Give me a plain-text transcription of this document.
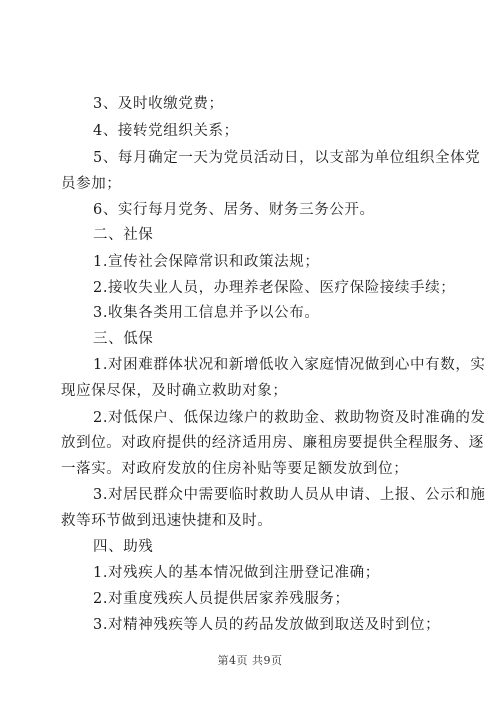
3、及时收缴党费；
4、接转党组织关系；
5、每月确定一天为党员活动日，以支部为单位组织全体党
员参加；
6、实行每月党务、居务、财务三务公开。
二、社保
1.宣传社会保障常识和政策法规；
2.接收失业人员，办理养老保险、医疗保险接续手续；
3.收集各类用工信息并予以公布。
三、低保
1.对困难群体状况和新增低收入家庭情况做到心中有数，实
现应保尽保，及时确立救助对象；
2.对低保户、低保边缘户的救助金、救助物资及时准确的发
放到位。对政府提供的经济适用房、廉租房要提供全程服务、逐
一落实。对政府发放的住房补贴等要足额发放到位；
3.对居民群众中需要临时救助人员从申请、上报、公示和施
救等环节做到迅速快捷和及时。
四、助残
1.对残疾人的基本情况做到注册登记准确；
2.对重度残疾人员提供居家养残服务；
3.对精神残疾等人员的药品发放做到取送及时到位；
第4页 共9页
